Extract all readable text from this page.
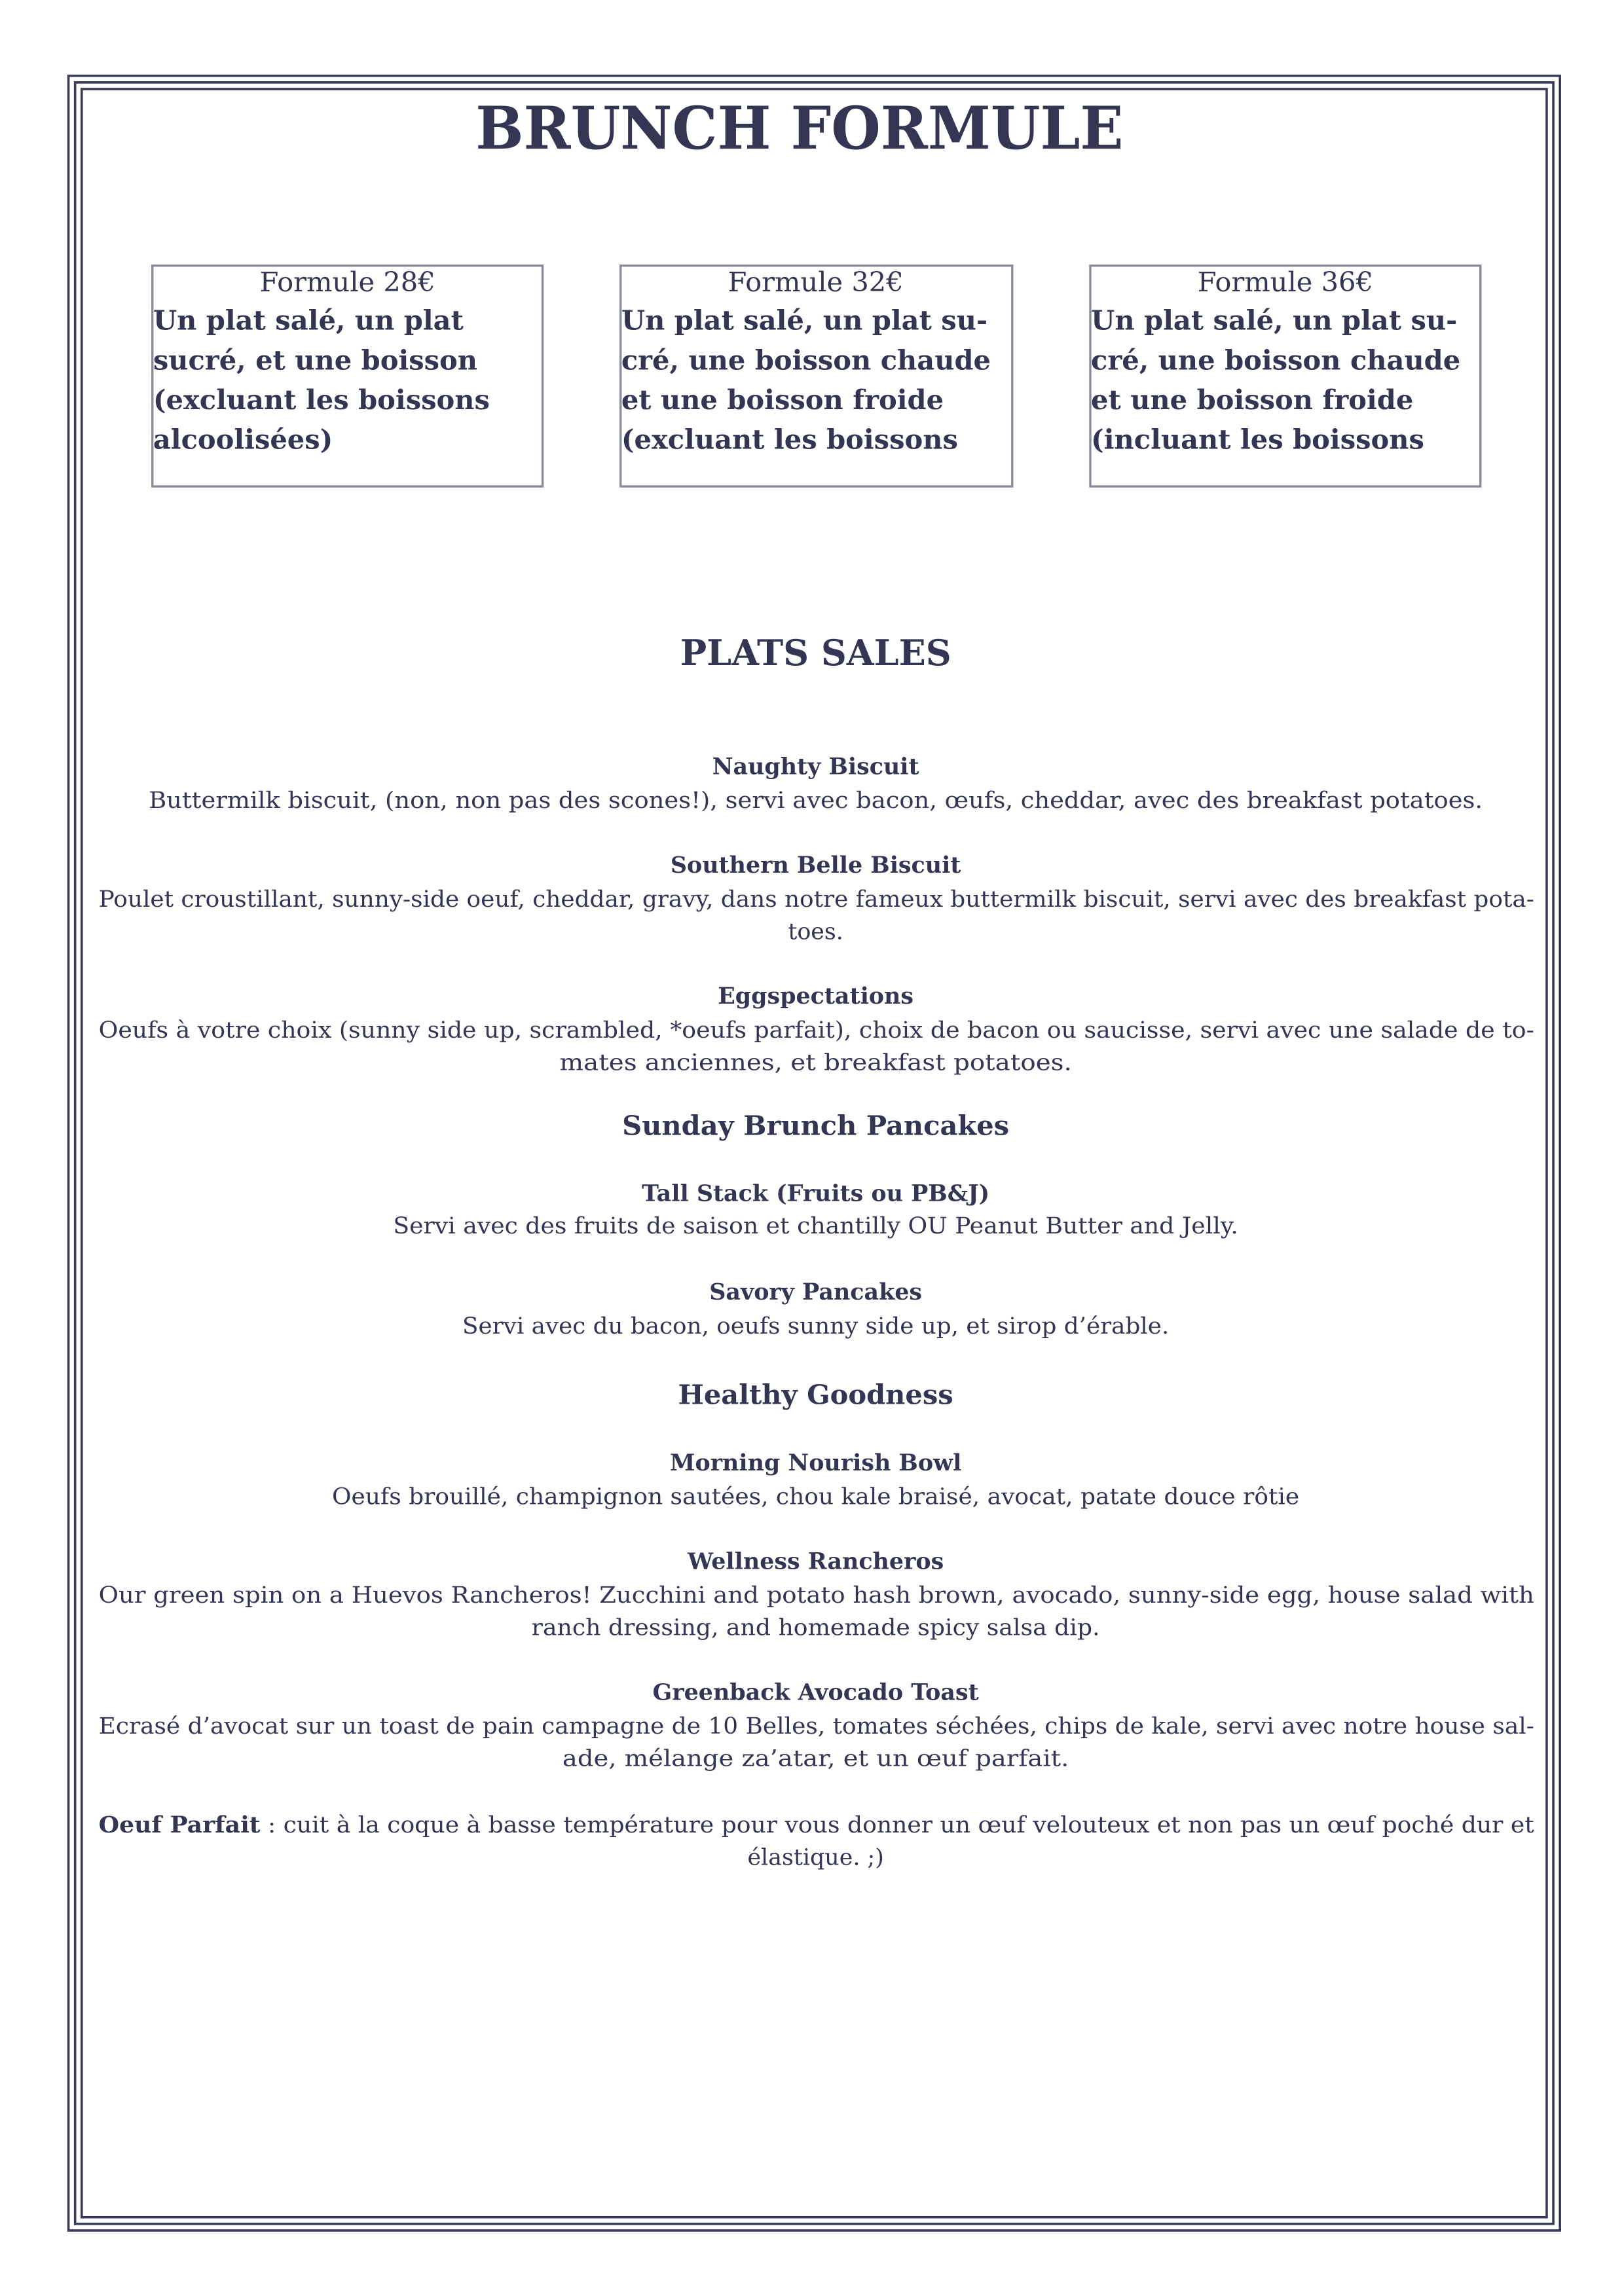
BRUNCH FORMULE
Formule 28€
Un plat salé, un plat
sucré, et une boisson
(excluant les boissons
alcoolisées)
Formule 32€
Un plat salé, un plat su-
cré, une boisson chaude
et une boisson froide
(excluant les boissons
Formule 36€
Un plat salé, un plat su-
cré, une boisson chaude
et une boisson froide
(incluant les boissons
PLATS SALES
Naughty Biscuit
Buttermilk biscuit, (non, non pas des scones!), servi avec bacon, œufs, cheddar, avec des breakfast potatoes.
Southern Belle Biscuit
Poulet croustillant, sunny-side oeuf, cheddar, gravy, dans notre fameux buttermilk biscuit, servi avec des breakfast pota-
toes.
Eggspectations
Oeufs à votre choix (sunny side up, scrambled, *oeufs parfait), choix de bacon ou saucisse, servi avec une salade de to-
mates anciennes, et breakfast potatoes.
Sunday Brunch Pancakes
Tall Stack (Fruits ou PB&J)
Servi avec des fruits de saison et chantilly OU Peanut Butter and Jelly.
Savory Pancakes
Servi avec du bacon, oeufs sunny side up, et sirop d’érable.
Healthy Goodness
Morning Nourish Bowl
Oeufs brouillé, champignon sautées, chou kale braisé, avocat, patate douce rôtie
Wellness Rancheros
Our green spin on a Huevos Rancheros! Zucchini and potato hash brown, avocado, sunny-side egg, house salad with
ranch dressing, and homemade spicy salsa dip.
Greenback Avocado Toast
Ecrasé d’avocat sur un toast de pain campagne de 10 Belles, tomates séchées, chips de kale, servi avec notre house sal-
ade, mélange za’atar, et un œuf parfait.
Oeuf Parfait : cuit à la coque à basse température pour vous donner un œuf velouteux et non pas un œuf poché dur et
élastique. ;)
